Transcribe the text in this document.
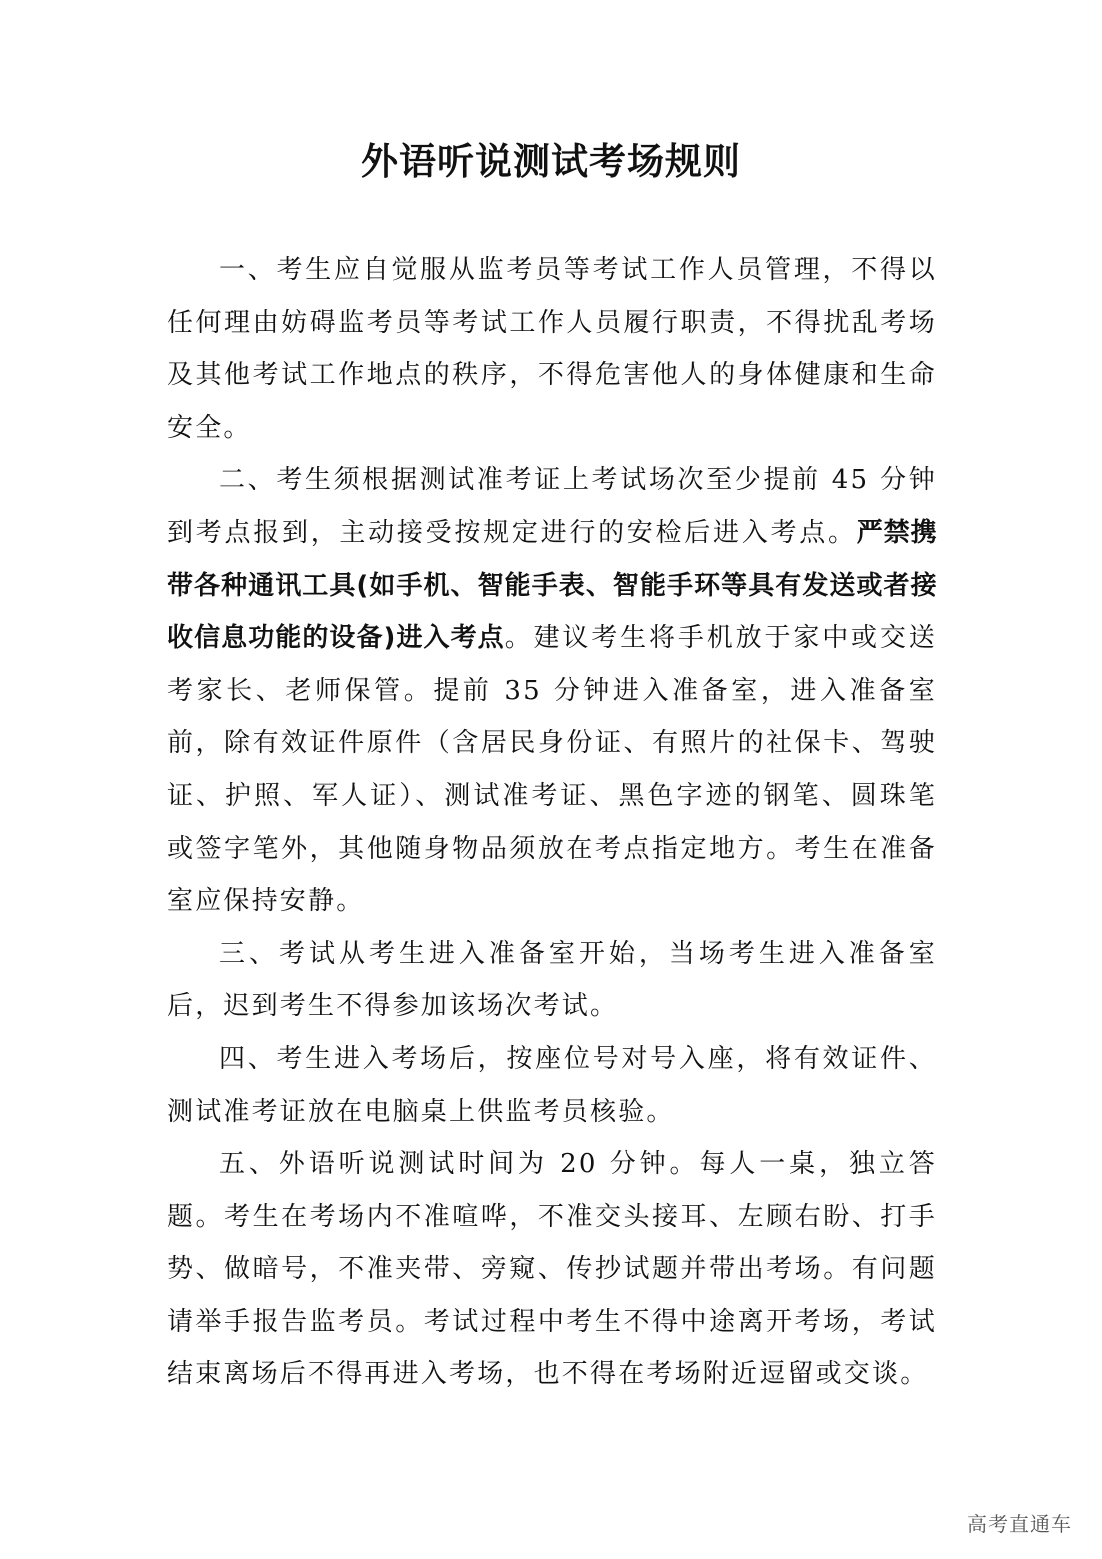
外语听说测试考场规则

一、考生应自觉服从监考员等考试工作人员管理，不得以任何理由妨碍监考员等考试工作人员履行职责，不得扰乱考场及其他考试工作地点的秩序，不得危害他人的身体健康和生命安全。

二、考生须根据测试准考证上考试场次至少提前 45 分钟到考点报到，主动接受按规定进行的安检后进入考点。严禁携带各种通讯工具(如手机、智能手表、智能手环等具有发送或者接收信息功能的设备)进入考点。建议考生将手机放于家中或交送考家长、老师保管。提前 35 分钟进入准备室，进入准备室前，除有效证件原件（含居民身份证、有照片的社保卡、驾驶证、护照、军人证）、测试准考证、黑色字迹的钢笔、圆珠笔或签字笔外，其他随身物品须放在考点指定地方。考生在准备室应保持安静。

三、考试从考生进入准备室开始，当场考生进入准备室后，迟到考生不得参加该场次考试。

四、考生进入考场后，按座位号对号入座，将有效证件、测试准考证放在电脑桌上供监考员核验。

五、外语听说测试时间为 20 分钟。每人一桌，独立答题。考生在考场内不准喧哗，不准交头接耳、左顾右盼、打手势、做暗号，不准夹带、旁窥、传抄试题并带出考场。有问题请举手报告监考员。考试过程中考生不得中途离开考场，考试结束离场后不得再进入考场，也不得在考场附近逗留或交谈。

高考直通车
